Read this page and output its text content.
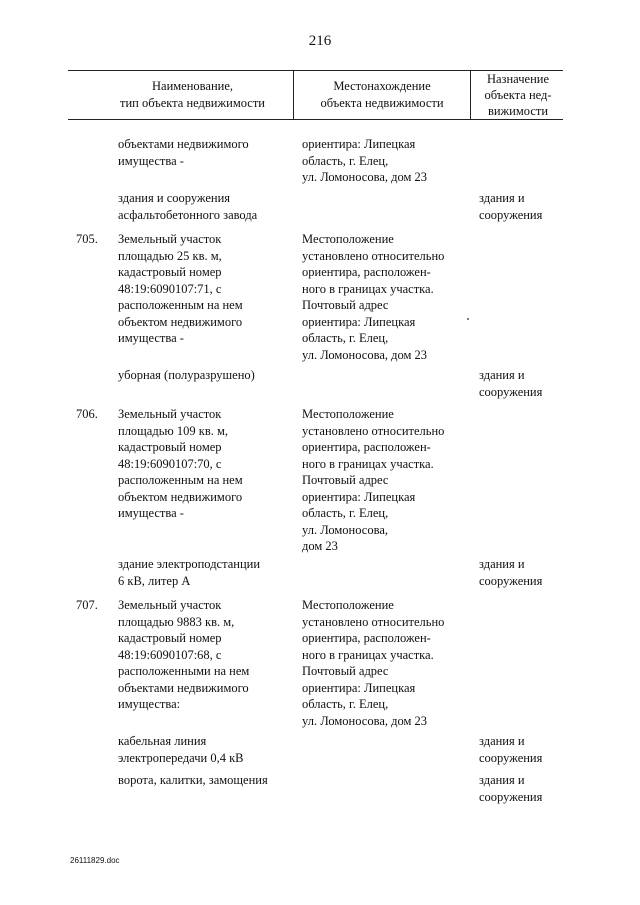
216
Наименование,
тип объекта недвижимости
Местонахождение
объекта недвижимости
Назначение
объекта нед-
вижимости
объектами недвижимого
имущества -
ориентира: Липецкая
область, г. Елец,
ул. Ломоносова, дом 23
здания и сооружения
асфальтобетонного завода
здания и
сооружения
705. Земельный участок
площадью 25 кв. м,
кадастровый номер
48:19:6090107:71, с
расположенным на нем
объектом недвижимого
имущества -
Местоположение
установлено относительно
ориентира, расположен-
ного в границах участка.
Почтовый адрес
ориентира: Липецкая
область, г. Елец,
ул. Ломоносова, дом 23
уборная (полуразрушено)	здания и
сооружения
706. Земельный участок
площадью 109 кв. м,
кадастровый номер
48:19:6090107:70, с
расположенным на нем
объектом недвижимого
имущества -
Местоположение
установлено относительно
ориентира, расположен-
ного в границах участка.
Почтовый адрес
ориентира: Липецкая
область, г. Елец,
ул. Ломоносова,
дом 23
здание электроподстанции
6 кВ, литер А
здания и
сооружения
707. Земельный участок
площадью 9883 кв. м,
кадастровый номер
48:19:6090107:68, с
расположенными на нем
объектами недвижимого
имущества:
Местоположение
установлено относительно
ориентира, расположен-
ного в границах участка.
Почтовый адрес
ориентира: Липецкая
область, г. Елец,
ул. Ломоносова, дом 23
кабельная линия
электропередачи 0,4 кВ
здания и
сооружения
ворота, калитки, замощения	здания и
сооружения
26111829.doc
